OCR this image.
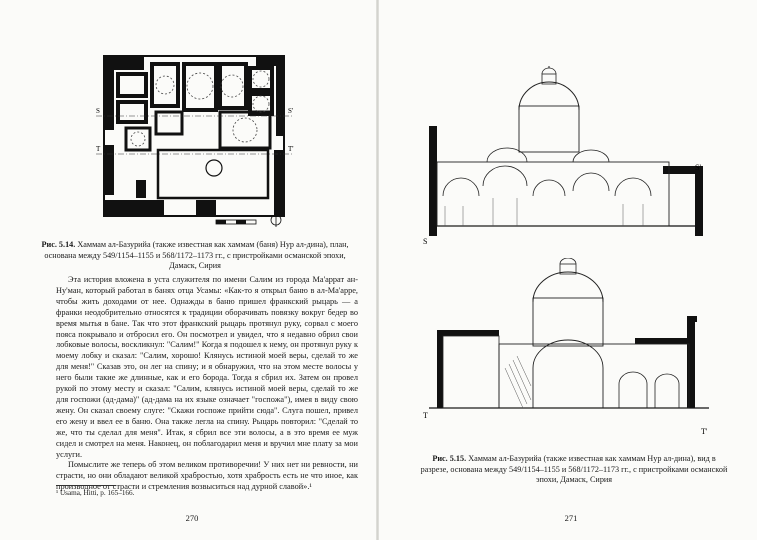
S	S'
T	T'
Рис. 5.14. Хаммам ал-Базурийа (также известная как хаммам (баня) Нур ал-дина), план, основана между 549/1154–1155 и 568/1172–1173 гг., с пристройками османской эпохи, Дамаск, Сирия

Эта история вложена в уста служителя по имени Салим из города Ма'аррат ан-Ну'ман, который работал в банях отца Усамы: «Как-то я открыл баню в ал-Ма'арре, чтобы жить доходами от нее. Однажды в баню пришел франкский рыцарь — а франки неодобрительно относятся к традиции оборачивать повязку вокруг бедер во время мытья в бане. Так что этот франкский рыцарь протянул руку, сорвал с моего пояса покрывало и отбросил его. Он посмотрел и увидел, что я недавно обрил свои лобковые волосы, воскликнул: "Салим!" Когда я подошел к нему, он протянул руку к моему лобку и сказал: "Салим, хорошо! Клянусь истиной моей веры, сделай то же для меня!" Сказав это, он лег на спину; и я обнаружил, что на этом месте волосы у него были такие же длинные, как и его борода. Тогда я сбрил их. Затем он провел рукой по этому месту и сказал: "Салим, клянусь истиной моей веры, сделай то же для госпожи (ад-дама)" (ад-дама на их языке означает "госпожа"), имея в виду свою жену. Он сказал своему слуге: "Скажи госпоже прийти сюда". Слуга пошел, привел его жену и ввел ее в баню. Она также легла на спину. Рыцарь повторил: "Сделай то же, что ты сделал для меня". Итак, я сбрил все эти волосы, а в это время ее муж сидел и смотрел на меня. Наконец, он поблагодарил меня и вручил мне плату за мои услуги.

Помыслите же теперь об этом великом противоречии! У них нет ни ревности, ни страсти, но они обладают великой храбростью, хотя храбрость есть не что иное, как производное от страсти и стремления возвыситься над дурной славой».¹

¹ Usama, Hitti, p. 165–166.
270
S
S'
T
T'
Рис. 5.15. Хаммам ал-Базурийа (также известная как хаммам Нур ал-дина), вид в разрезе, основана между 549/1154–1155 и 568/1172–1173 гг., с пристройками османской эпохи, Дамаск, Сирия
271
